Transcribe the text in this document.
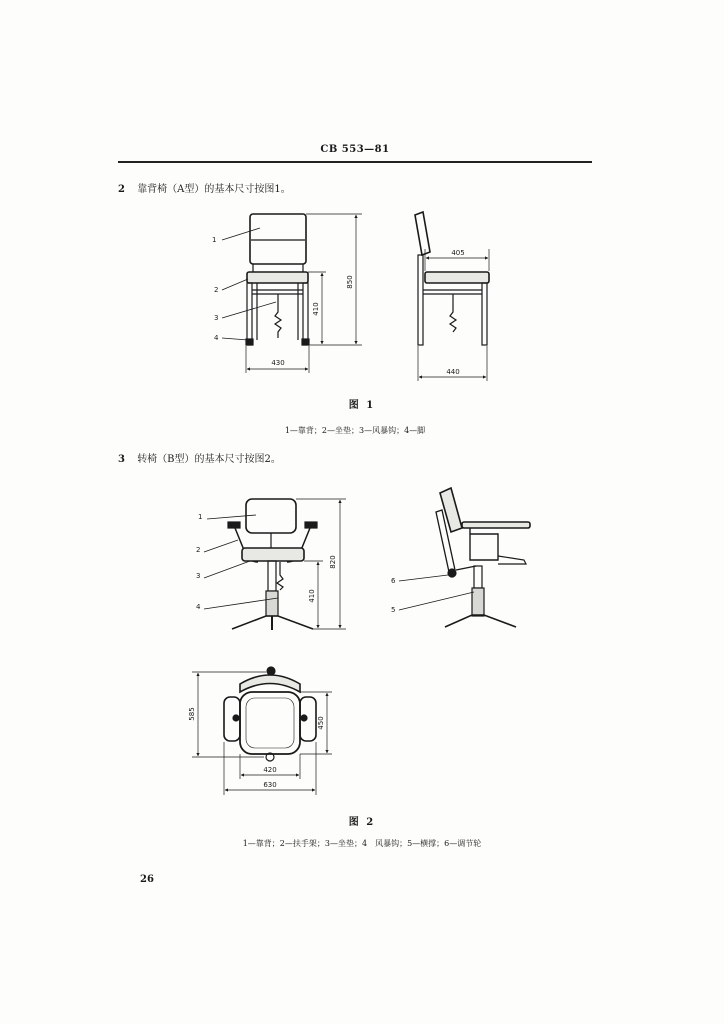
CB 553—81
2 靠背椅（A型）的基本尺寸按图1。
图 1
1—靠背；2—坐垫；3—风暴钩；4—脚
3 转椅（B型）的基本尺寸按图2。
图 2
1—靠背；2—扶手架；3—坐垫；4　风暴钩；5—横撑；6—调节轮
26
1
2
3
4
850
410
430
405
440
1
2
3
4
820
410
6
5
585
450
420
630
